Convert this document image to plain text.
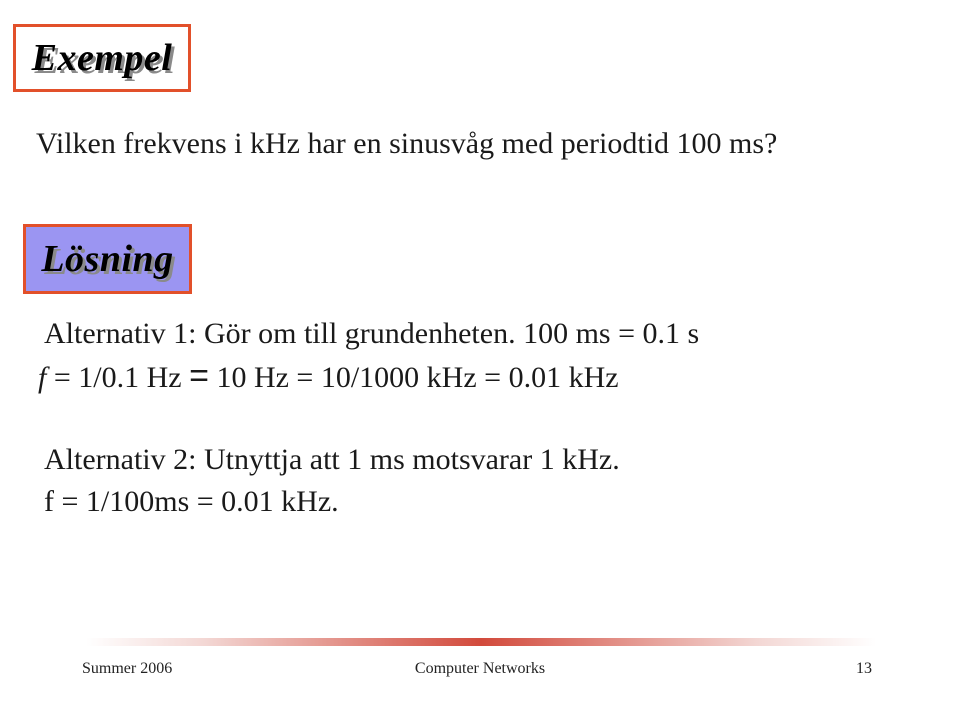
Exempel
Vilken frekvens i kHz har en sinusvåg med periodtid 100 ms?
Lösning
Alternativ 1: Gör om till grundenheten. 100 ms = 0.1 s
f = 1/0.1 Hz = 10 Hz = 10/1000 kHz = 0.01 kHz
Alternativ 2: Utnyttja att 1 ms motsvarar 1 kHz.
f = 1/100ms = 0.01 kHz.
Summer 2006	Computer Networks	13
